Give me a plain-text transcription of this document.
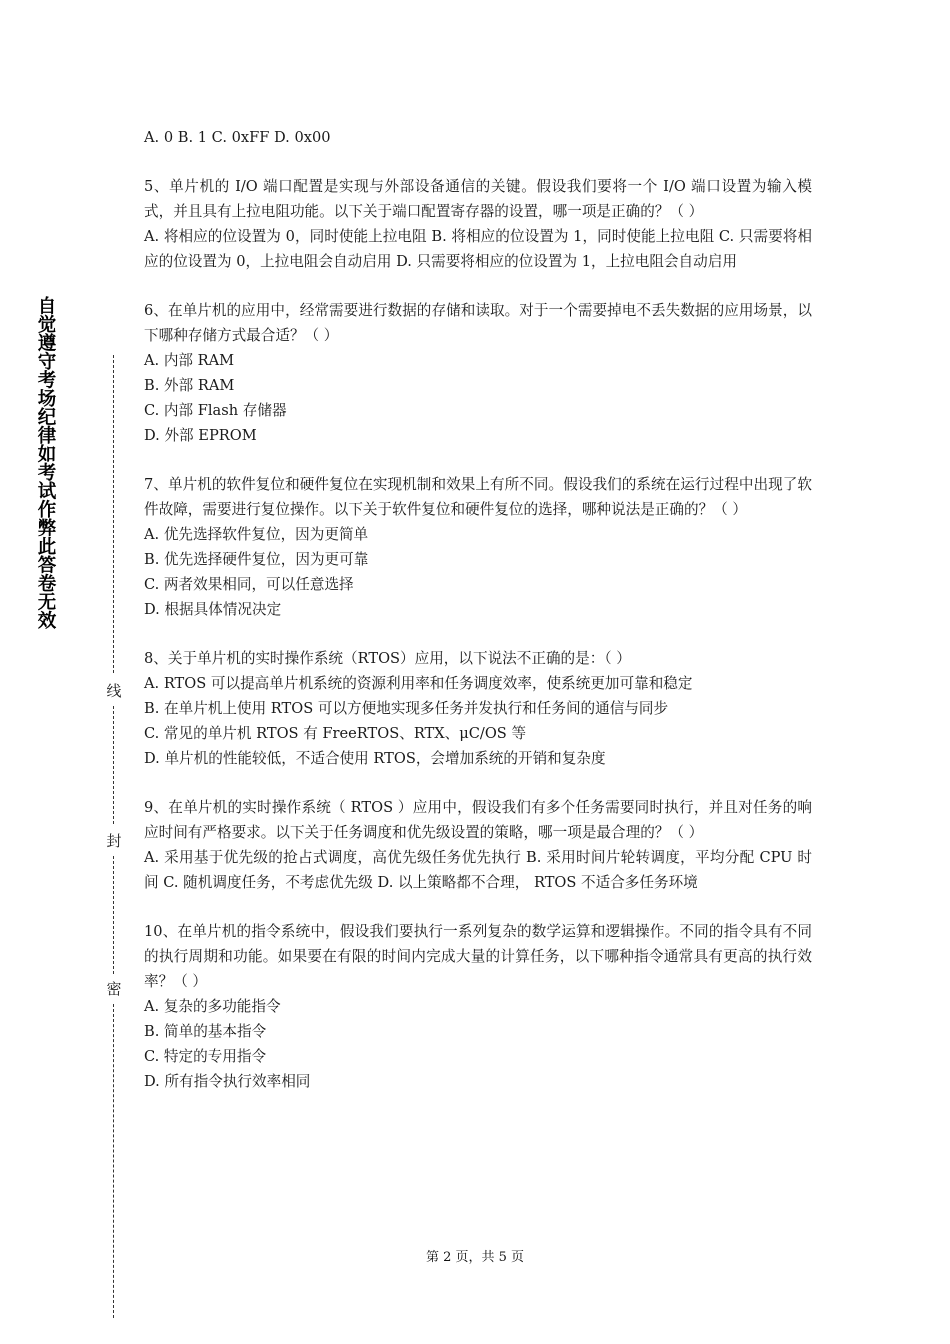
自觉遵守考场纪律如考试作弊此答卷无效
线
封
密

A. 0 B. 1 C. 0xFF D. 0x00

5、单片机的 I/O 端口配置是实现与外部设备通信的关键。假设我们要将一个 I/O 端口设置为输入模式，并且具有上拉电阻功能。以下关于端口配置寄存器的设置，哪一项是正确的？（ ）

A. 将相应的位设置为 0，同时使能上拉电阻 B. 将相应的位设置为 1，同时使能上拉电阻 C. 只需要将相应的位设置为 0，上拉电阻会自动启用 D. 只需要将相应的位设置为 1，上拉电阻会自动启用

6、在单片机的应用中，经常需要进行数据的存储和读取。对于一个需要掉电不丢失数据的应用场景，以下哪种存储方式最合适？（ ）

A. 内部 RAM

B. 外部 RAM

C. 内部 Flash 存储器

D. 外部 EPROM

7、单片机的软件复位和硬件复位在实现机制和效果上有所不同。假设我们的系统在运行过程中出现了软件故障，需要进行复位操作。以下关于软件复位和硬件复位的选择，哪种说法是正确的？（ ）

A. 优先选择软件复位，因为更简单

B. 优先选择硬件复位，因为更可靠

C. 两者效果相同，可以任意选择

D. 根据具体情况决定

8、关于单片机的实时操作系统（RTOS）应用，以下说法不正确的是：（ ）

A. RTOS 可以提高单片机系统的资源利用率和任务调度效率，使系统更加可靠和稳定

B. 在单片机上使用 RTOS 可以方便地实现多任务并发执行和任务间的通信与同步

C. 常见的单片机 RTOS 有 FreeRTOS、RTX、μC/OS 等

D. 单片机的性能较低，不适合使用 RTOS，会增加系统的开销和复杂度

9、在单片机的实时操作系统（ RTOS ）应用中，假设我们有多个任务需要同时执行，并且对任务的响应时间有严格要求。以下关于任务调度和优先级设置的策略，哪一项是最合理的？（ ）

A. 采用基于优先级的抢占式调度，高优先级任务优先执行 B. 采用时间片轮转调度，平均分配 CPU 时间 C. 随机调度任务，不考虑优先级 D. 以上策略都不合理， RTOS 不适合多任务环境

10、在单片机的指令系统中，假设我们要执行一系列复杂的数学运算和逻辑操作。不同的指令具有不同的执行周期和功能。如果要在有限的时间内完成大量的计算任务，以下哪种指令通常具有更高的执行效率？（ ）

A. 复杂的多功能指令

B. 简单的基本指令

C. 特定的专用指令

D. 所有指令执行效率相同

第 2 页，共 5 页
